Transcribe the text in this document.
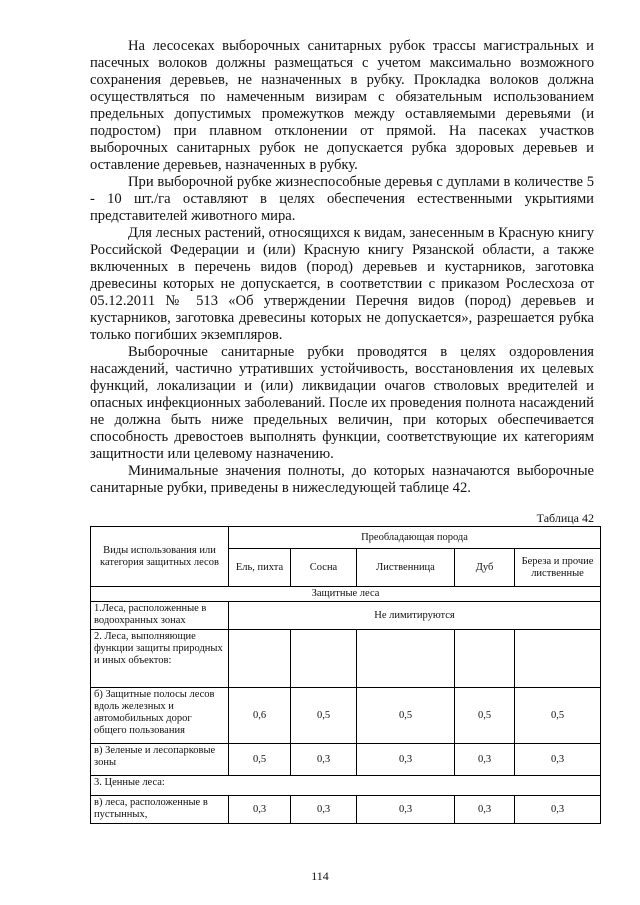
На лесосеках выборочных санитарных рубок трассы магистральных и пасечных волоков должны размещаться с учетом максимально возможного сохранения деревьев, не назначенных в рубку. Прокладка волоков должна осуществляться по намеченным визирам с обязательным использованием предельных допустимых промежутков между оставляемыми деревьями (и подростом) при плавном отклонении от прямой. На пасеках участков выборочных санитарных рубок не допускается рубка здоровых деревьев и оставление деревьев, назначенных в рубку.

При выборочной рубке жизнеспособные деревья с дуплами в количестве 5 - 10 шт./га оставляют в целях обеспечения естественными укрытиями представителей животного мира.

Для лесных растений, относящихся к видам, занесенным в Красную книгу Российской Федерации и (или) Красную книгу Рязанской области, а также включенных в перечень видов (пород) деревьев и кустарников, заготовка древесины которых не допускается, в соответствии с приказом Рослесхоза от 05.12.2011 № 513 «Об утверждении Перечня видов (пород) деревьев и кустарников, заготовка древесины которых не допускается», разрешается рубка только погибших экземпляров.

Выборочные санитарные рубки проводятся в целях оздоровления насаждений, частично утративших устойчивость, восстановления их целевых функций, локализации и (или) ликвидации очагов стволовых вредителей и опасных инфекционных заболеваний. После их проведения полнота насаждений не должна быть ниже предельных величин, при которых обеспечивается способность древостоев выполнять функции, соответствующие их категориям защитности или целевому назначению.

Минимальные значения полноты, до которых назначаются выборочные санитарные рубки, приведены в нижеследующей таблице 42.

Таблица 42
Виды использования или категория защитных лесов	Преобладающая порода				
	Ель, пихта	Сосна	Лиственница	Дуб	Береза и прочие лиственные
Защитные леса					
1.Леса, расположенные в водоохранных зонах	Не лимитируются				
2. Леса, выполняющие функции защиты природных и иных объектов:					
б) Защитные полосы лесов вдоль железных и автомобильных дорог общего пользования	0,6	0,5	0,5	0,5	0,5
в) Зеленые и лесопарковые зоны	0,5	0,3	0,3	0,3	0,3
3. Ценные леса:					
в) леса, расположенные в пустынных,	0,3	0,3	0,3	0,3	0,3
114
